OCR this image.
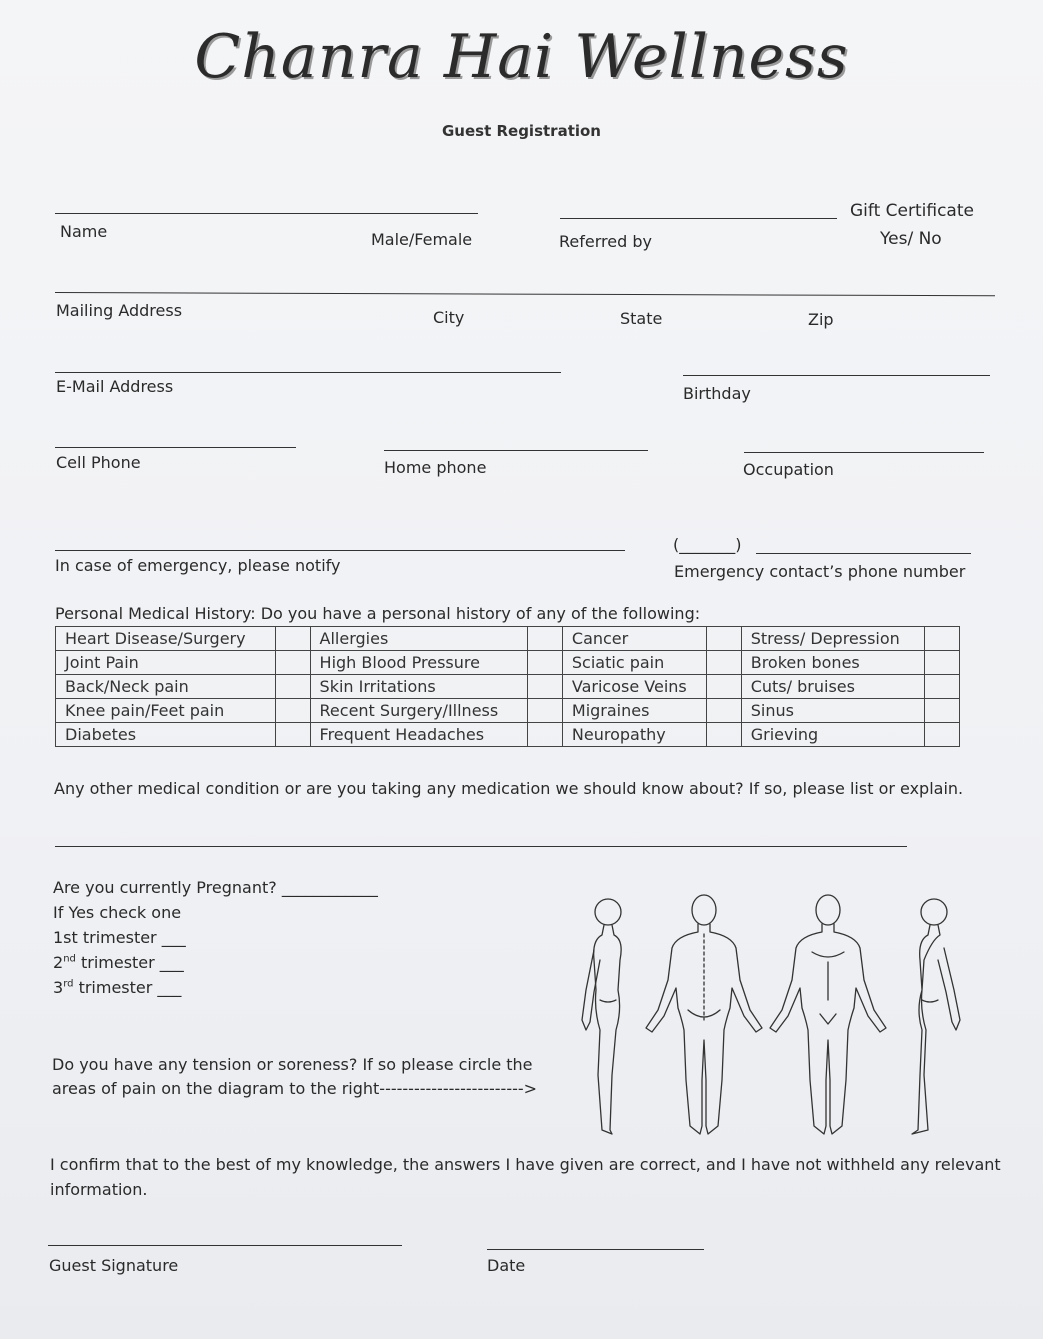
Chanra Hai Wellness
Guest Registration
Name	Male/Female	Referred by
Gift Certificate
Yes/ No
Mailing Address	City	State	Zip
E-Mail Address	Birthday
Cell Phone	Home phone	Occupation
(_______)
In case of emergency, please notify	Emergency contact’s phone number
Personal Medical History: Do you have a personal history of any of the following:
Heart Disease/Surgery		Allergies		Cancer		Stress/ Depression	
Joint Pain		High Blood Pressure		Sciatic pain		Broken bones	
Back/Neck pain		Skin Irritations		Varicose Veins		Cuts/ bruises	
Knee pain/Feet pain		Recent Surgery/Illness		Migraines		Sinus	
Diabetes		Frequent Headaches		Neuropathy		Grieving	
Any other medical condition or are you taking any medication we should know about? If so, please list or explain.
Are you currently Pregnant? ____________
If Yes check one
1st trimester ___
2nd trimester ___
3rd trimester ___
Do you have any tension or soreness? If so please circle the
areas of pain on the diagram to the right------------------------->
I confirm that to the best of my knowledge, the answers I have given are correct, and I have not withheld any relevant
information.
Guest Signature	Date
